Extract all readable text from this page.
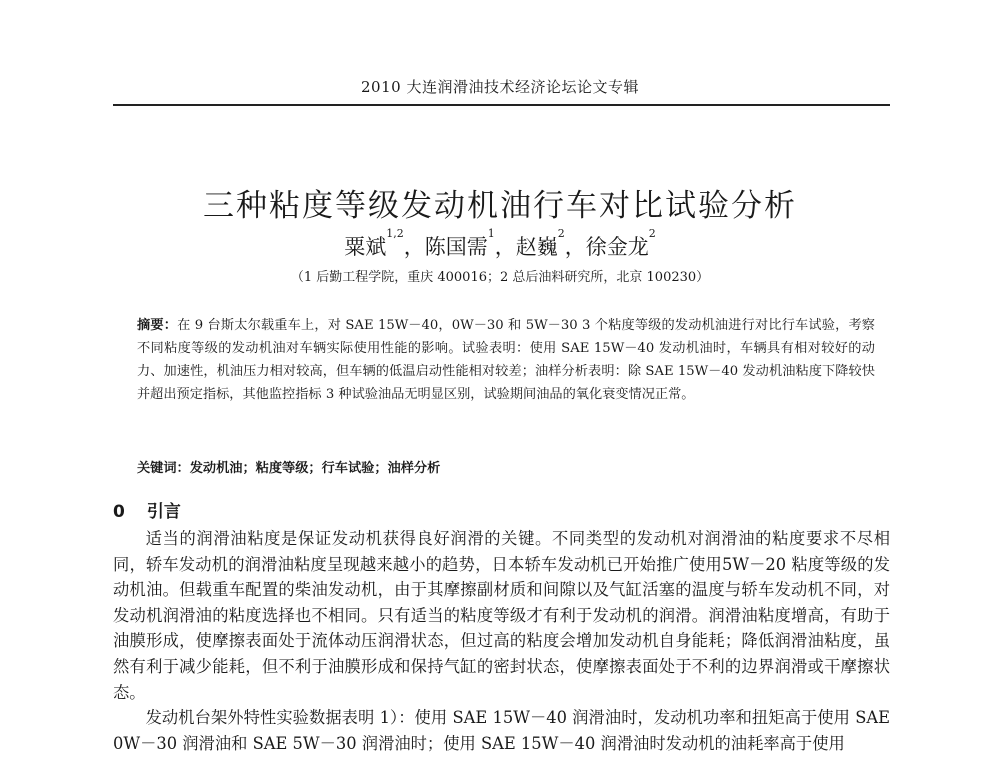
2010 大连润滑油技术经济论坛论文专辑
三种粘度等级发动机油行车对比试验分析
粟斌$^{1,2}$，陈国需$^1$，赵巍$^2$，徐金龙$^2$
（1 后勤工程学院，重庆 400016；2 总后油料研究所，北京 100230）
摘要：在 9 台斯太尔载重车上，对 SAE 15W－40，0W－30 和 5W－30 3 个粘度等级的发动机油进行对比行车试验，考察不同粘度等级的发动机油对车辆实际使用性能的影响。试验表明：使用 SAE 15W－40 发动机油时，车辆具有相对较好的动力、加速性，机油压力相对较高，但车辆的低温启动性能相对较差；油样分析表明：除 SAE 15W－40 发动机油粘度下降较快并超出预定指标，其他监控指标 3 种试验油品无明显区别，试验期间油品的氧化衰变情况正常。
关键词：发动机油；粘度等级；行车试验；油样分析
0 引言

适当的润滑油粘度是保证发动机获得良好润滑的关键。不同类型的发动机对润滑油的粘度要求不尽相同，轿车发动机的润滑油粘度呈现越来越小的趋势，日本轿车发动机已开始推广使用5W－20 粘度等级的发动机油。但载重车配置的柴油发动机，由于其摩擦副材质和间隙以及气缸活塞的温度与轿车发动机不同，对发动机润滑油的粘度选择也不相同。只有适当的粘度等级才有利于发动机的润滑。润滑油粘度增高，有助于油膜形成，使摩擦表面处于流体动压润滑状态，但过高的粘度会增加发动机自身能耗；降低润滑油粘度，虽然有利于减少能耗，但不利于油膜形成和保持气缸的密封状态，使摩擦表面处于不利的边界润滑或干摩擦状态。

发动机台架外特性实验数据表明 1）：使用 SAE 15W－40 润滑油时，发动机功率和扭矩高于使用 SAE 0W－30 润滑油和 SAE 5W－30 润滑油时；使用 SAE 15W－40 润滑油时发动机的油耗率高于使用
